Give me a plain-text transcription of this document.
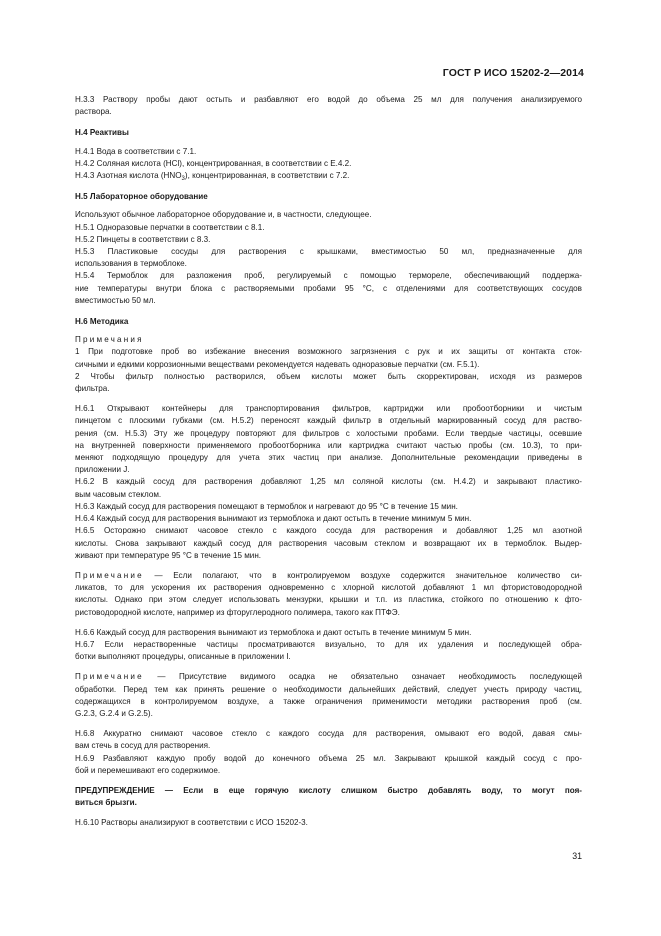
ГОСТ Р ИСО 15202-2—2014
Н.3.3 Раствору пробы дают остыть и разбавляют его водой до объема 25 мл для получения анализируемого
раствора.
Н.4 Реактивы
Н.4.1 Вода в соответствии с 7.1.
Н.4.2 Соляная кислота (HCl), концентрированная, в соответствии с Е.4.2.
Н.4.3 Азотная кислота $(HNO_3)$, концентрированная, в соответствии с 7.2.
Н.5 Лабораторное оборудование
Используют обычное лабораторное оборудование и, в частности, следующее.
Н.5.1 Одноразовые перчатки в соответствии с 8.1.
Н.5.2 Пинцеты в соответствии с 8.3.
Н.5.3 Пластиковые сосуды для растворения с крышками, вместимостью 50 мл, предназначенные для
использования в термоблоке.
Н.5.4 Термоблок для разложения проб, регулируемый с помощью термореле, обеспечивающий поддержа-
ние температуры внутри блока с растворяемыми пробами 95 °С, с отделениями для соответствующих сосудов
вместимостью 50 мл.
Н.6 Методика
Примечания
1 При подготовке проб во избежание внесения возможного загрязнения с рук и их защиты от контакта сток-
сичными и едкими коррозионными веществами рекомендуется надевать одноразовые перчатки (см. F.5.1).
2 Чтобы фильтр полностью растворился, объем кислоты может быть скорректирован, исходя из размеров
фильтра.
Н.6.1 Открывают контейнеры для транспортирования фильтров, картриджи или пробоотборники и чистым
пинцетом с плоскими губками (см. Н.5.2) переносят каждый фильтр в отдельный маркированный сосуд для раство-
рения (см. Н.5.3) Эту же процедуру повторяют для фильтров с холостыми пробами. Если твердые частицы, осевшие
на внутренней поверхности применяемого пробоотборника или картриджа считают частью пробы (см. 10.3), то при-
меняют подходящую процедуру для учета этих частиц при анализе. Дополнительные рекомендации приведены в
приложении J.
Н.6.2 В каждый сосуд для растворения добавляют 1,25 мл соляной кислоты (см. Н.4.2) и закрывают пластико-
вым часовым стеклом.
Н.6.3 Каждый сосуд для растворения помещают в термоблок и нагревают до 95 °С в течение 15 мин.
Н.6.4 Каждый сосуд для растворения вынимают из термоблока и дают остыть в течение минимум 5 мин.
Н.6.5 Осторожно снимают часовое стекло с каждого сосуда для растворения и добавляют 1,25 мл азотной
кислоты. Снова закрывают каждый сосуд для растворения часовым стеклом и возвращают их в термоблок. Выдер-
живают при температуре 95 °С в течение 15 мин.
Примечание — Если полагают, что в контролируемом воздухе содержится значительное количество си-
ликатов, то для ускорения их растворения одновременно с хлорной кислотой добавляют 1 мл фтористоводородной
кислоты. Однако при этом следует использовать мензурки, крышки и т.п. из пластика, стойкого по отношению к фто-
ристоводородной кислоте, например из фторуглеродного полимера, такого как ПТФЭ.
Н.6.6 Каждый сосуд для растворения вынимают из термоблока и дают остыть в течение минимум 5 мин.
Н.6.7 Если нерастворенные частицы просматриваются визуально, то для их удаления и последующей обра-
ботки выполняют процедуры, описанные в приложении I.
Примечание — Присутствие видимого осадка не обязательно означает необходимость последующей
обработки. Перед тем как принять решение о необходимости дальнейших действий, следует учесть природу частиц,
содержащихся в контролируемом воздухе, а также ограничения применимости методики растворения проб (см.
G.2.3, G.2.4 и G.2.5).
Н.6.8 Аккуратно снимают часовое стекло с каждого сосуда для растворения, омывают его водой, давая смы-
вам стечь в сосуд для растворения.
Н.6.9 Разбавляют каждую пробу водой до конечного объема 25 мл. Закрывают крышкой каждый сосуд с про-
бой и перемешивают его содержимое.
ПРЕДУПРЕЖДЕНИЕ — Если в еще горячую кислоту слишком быстро добавлять воду, то могут поя-
виться брызги.
Н.6.10 Растворы анализируют в соответствии с ИСО 15202-3.
31
